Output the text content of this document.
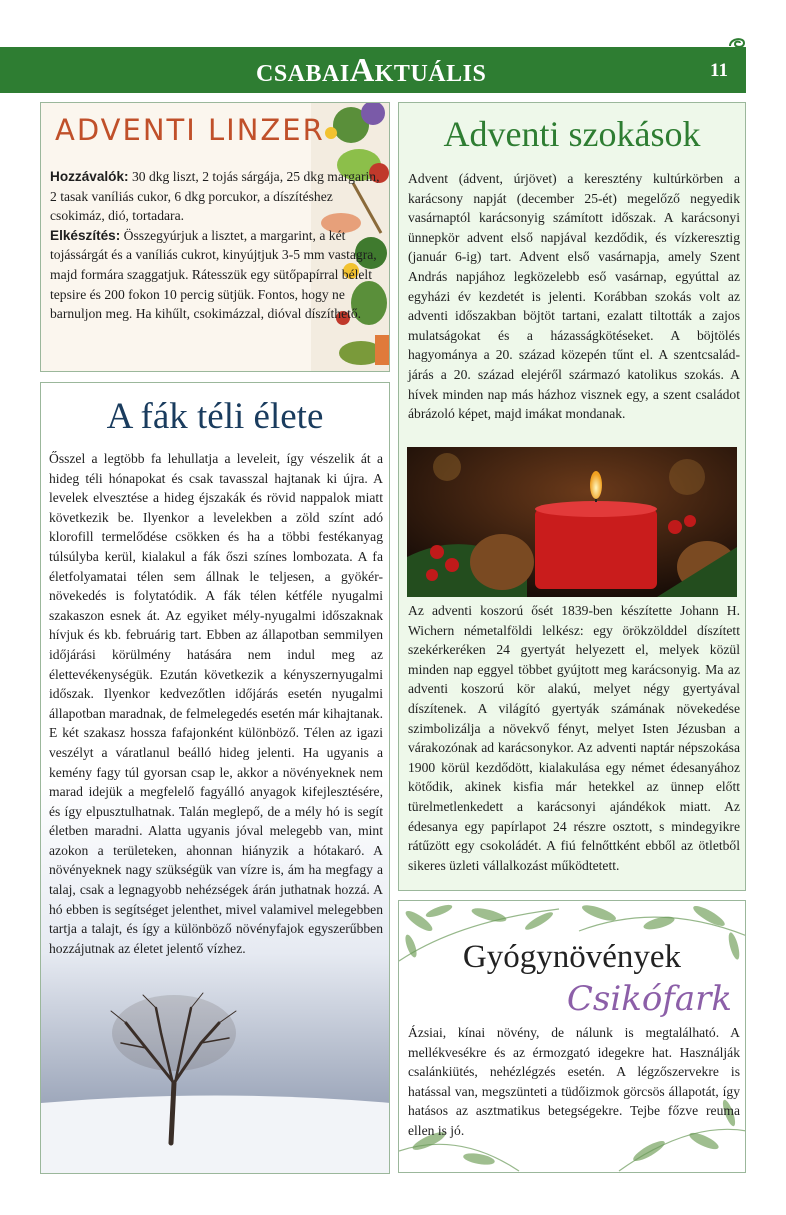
CSABAIAKTUÁLIS	11
ADVENTI LINZER

Hozzávalók: 30 dkg liszt, 2 tojás sárgája, 25 dkg margarin, 2 tasak vaníliás cukor, 6 dkg porcukor, a díszítéshez csokimáz, dió, tortadara.

Elkészítés: Összegyúrjuk a lisztet, a margarint, a két tojássárgát és a vaníliás cukrot, kinyújtjuk 3-5 mm vastagra, majd formára szaggatjuk. Rátesszük egy sütőpapírral bélelt tepsire és 200 fokon 10 percig sütjük. Fontos, hogy ne barnuljon meg. Ha kihűlt, csokimázzal, dióval díszíthető.

Adventi szokások

Advent (ádvent, úrjövet) a keresztény kultúrkörben a karácsony napját (december 25-ét) megelőző negyedik vasárnaptól karácsonyig számított időszak. A karácsonyi ünnepkör advent első napjával kezdődik, és vízkeresztig (január 6-ig) tart. Advent első vasárnapja, amely Szent András napjához legközelebb eső vasárnap, egyúttal az egyházi év kezdetét is jelenti. Korábban szokás volt az adventi időszakban böjtöt tartani, ezalatt tiltották a zajos mulatságokat és a házasságkötéseket. A böjtölés hagyománya a 20. század közepén tűnt el. A szentcsalád-járás a 20. század elejéről származó katolikus szokás. A hívek minden nap más házhoz visznek egy, a szent családot ábrázoló képet, majd imákat mondanak.

Az adventi koszorú ősét 1839-ben készítette Johann H. Wichern németalföldi lelkész: egy örökzölddel díszített szekérkeréken 24 gyertyát helyezett el, melyek közül minden nap eggyel többet gyújtott meg karácsonyig. Ma az adventi koszorú kör alakú, melyet négy gyertyával díszítenek. A világító gyertyák számának növekedése szimbolizálja a növekvő fényt, melyet Isten Jézusban a várakozónak ad karácsonykor. Az adventi naptár népszokása 1900 körül kezdődött, kialakulása egy német édesanyához kötődik, akinek kisfia már hetekkel az ünnep előtt türelmetlenkedett a karácsonyi ajándékok miatt. Az édesanya egy papírlapot 24 részre osztott, s mindegyikre rátűzött egy csokoládét. A fiú felnőttként ebből az ötletből sikeres üzleti vállalkozást működtetett.

A fák téli élete

Ősszel a legtöbb fa lehullatja a leveleit, így vészelik át a hideg téli hónapokat és csak tavasszal hajtanak ki újra. A levelek elvesztése a hideg éjszakák és rövid nappalok miatt következik be. Ilyenkor a levelekben a zöld színt adó klorofill termelődése csökken és ha a többi festékanyag túlsúlyba kerül, kialakul a fák őszi színes lombozata. A fa életfolyamatai télen sem állnak le teljesen, a gyökér-növekedés is folytatódik. A fák télen kétféle nyugalmi szakaszon esnek át. Az egyiket mély-nyugalmi időszaknak hívjuk és kb. februárig tart. Ebben az állapotban semmilyen időjárási körülmény hatására nem indul meg az élettevékenységük. Ezután következik a kényszernyugalmi időszak. Ilyenkor kedvezőtlen időjárás esetén nyugalmi állapotban maradnak, de felmelegedés esetén már kihajtanak. E két szakasz hossza fafajonként különböző. Télen az igazi veszélyt a váratlanul beálló hideg jelenti. Ha ugyanis a kemény fagy túl gyorsan csap le, akkor a növényeknek nem marad idejük a megfelelő fagyálló anyagok kifejlesztésére, és így elpusztulhatnak. Talán meglepő, de a mély hó is segít életben maradni. Alatta ugyanis jóval melegebb van, mint azokon a területeken, ahonnan hiányzik a hótakaró. A növényeknek nagy szükségük van vízre is, ám ha megfagy a talaj, csak a legnagyobb nehézségek árán juthatnak hozzá. A hó ebben is segítséget jelenthet, mivel valamivel melegebben tartja a talajt, és így a különböző növényfajok egyszerűbben hozzájutnak az életet jelentő vízhez.	Gyógynövények
Csikófark

Ázsiai, kínai növény, de nálunk is megtalálható. A mellékvesékre és az érmozgató idegekre hat. Használják csalánkiütés, nehézlégzés esetén. A légzőszervekre is hatással van, megszünteti a tüdőizmok görcsös állapotát, így hatásos az asztmatikus betegségekre. Tejbe főzve reuma ellen is jó.
